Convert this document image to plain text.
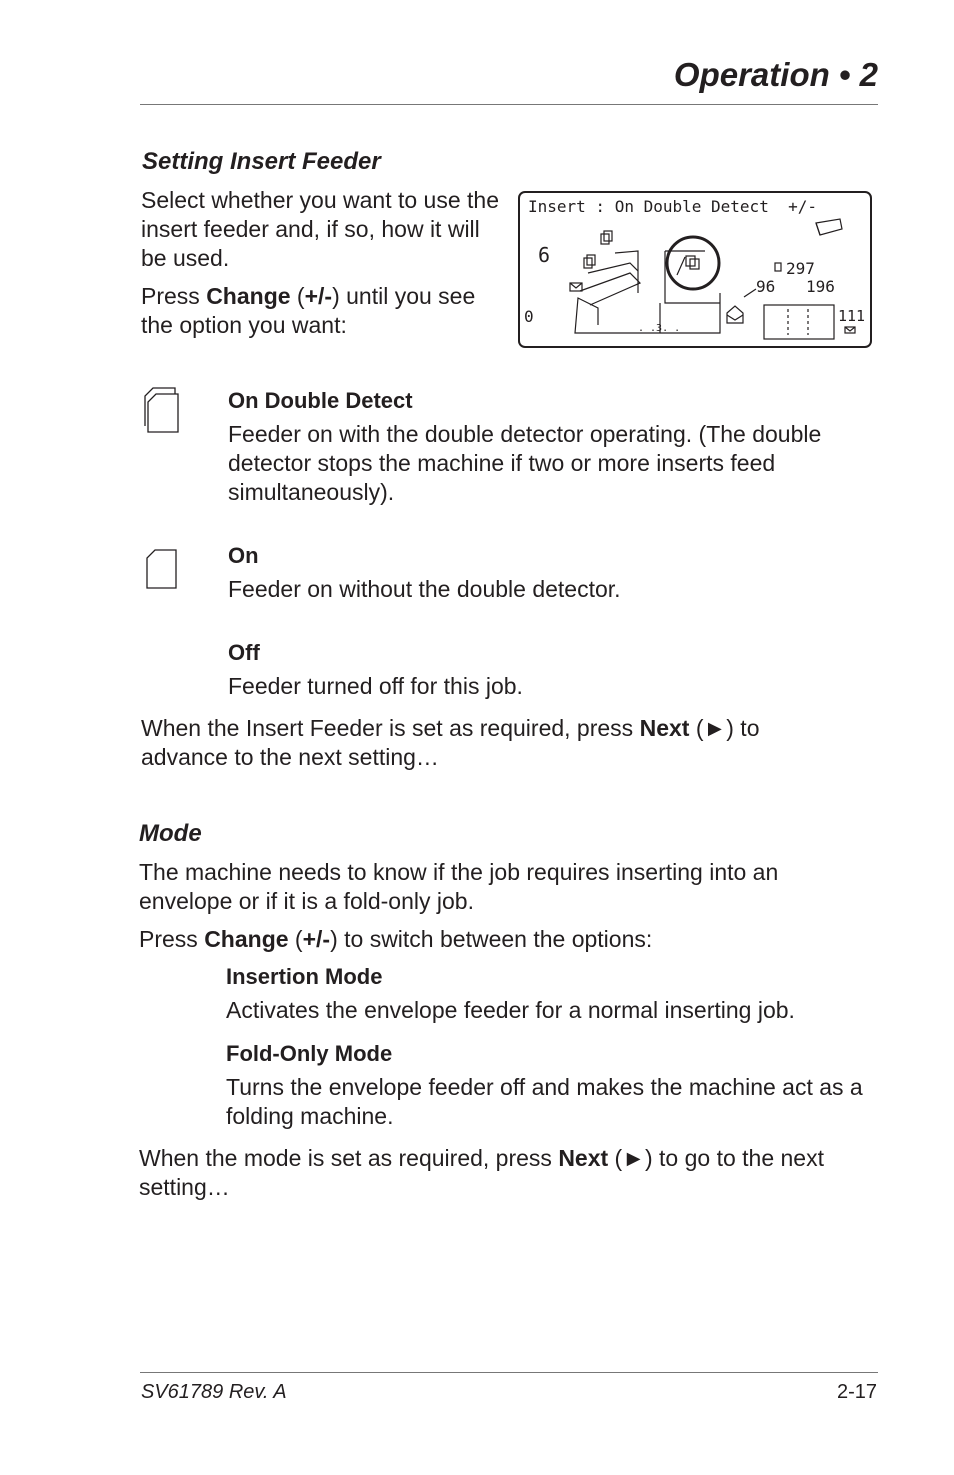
Operation • 2
Setting Insert Feeder
Select whether you want to use the insert feeder and, if so, how it will be used.
Press Change (+/-) until you see the option you want:
Insert : On Double Detect  +/-
6
0
297
96 196
111
. .3. .
On Double Detect
Feeder on with the double detector operating. (The double detector stops the machine if two or more inserts feed simultaneously).
On
Feeder on without the double detector.
Off
Feeder turned off for this job.
When the Insert Feeder is set as required, press Next (►) to advance to the next setting…
Mode
The machine needs to know if the job requires inserting into an envelope or if it is a fold-only job.
Press Change (+/-) to switch between the options:
Insertion Mode
Activates the envelope feeder for a normal inserting job.
Fold-Only Mode
Turns the envelope feeder off and makes the machine act as a folding machine.
When the mode is set as required, press Next (►) to go to the next setting…
SV61789 Rev. A	2-17
